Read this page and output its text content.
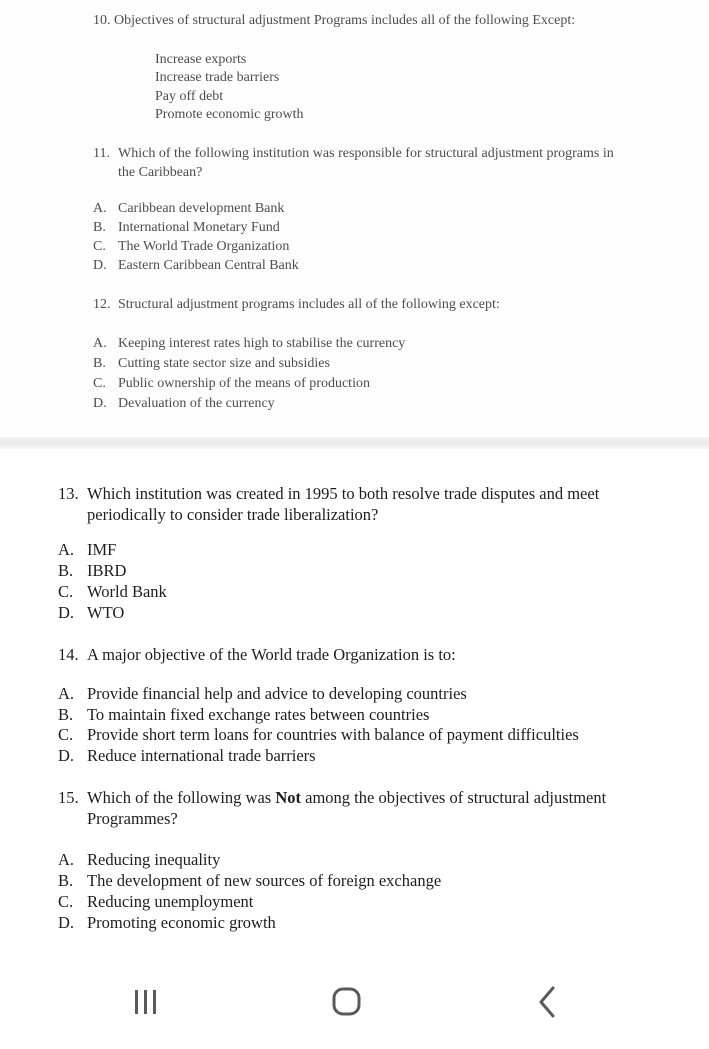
10. Objectives of structural adjustment Programs includes all of the following Except:
Increase exports
Increase trade barriers
Pay off debt
Promote economic growth
11. Which of the following institution was responsible for structural adjustment programs in
the Caribbean?
A. Caribbean development Bank
B. International Monetary Fund
C. The World Trade Organization
D. Eastern Caribbean Central Bank
12. Structural adjustment programs includes all of the following except:
A. Keeping interest rates high to stabilise the currency
B. Cutting state sector size and subsidies
C. Public ownership of the means of production
D. Devaluation of the currency
13. Which institution was created in 1995 to both resolve trade disputes and meet
periodically to consider trade liberalization?
A. IMF
B. IBRD
C. World Bank
D. WTO
14. A major objective of the World trade Organization is to:
A. Provide financial help and advice to developing countries
B. To maintain fixed exchange rates between countries
C. Provide short term loans for countries with balance of payment difficulties
D. Reduce international trade barriers
15. Which of the following was Not among the objectives of structural adjustment
Programmes?
A. Reducing inequality
B. The development of new sources of foreign exchange
C. Reducing unemployment
D. Promoting economic growth
